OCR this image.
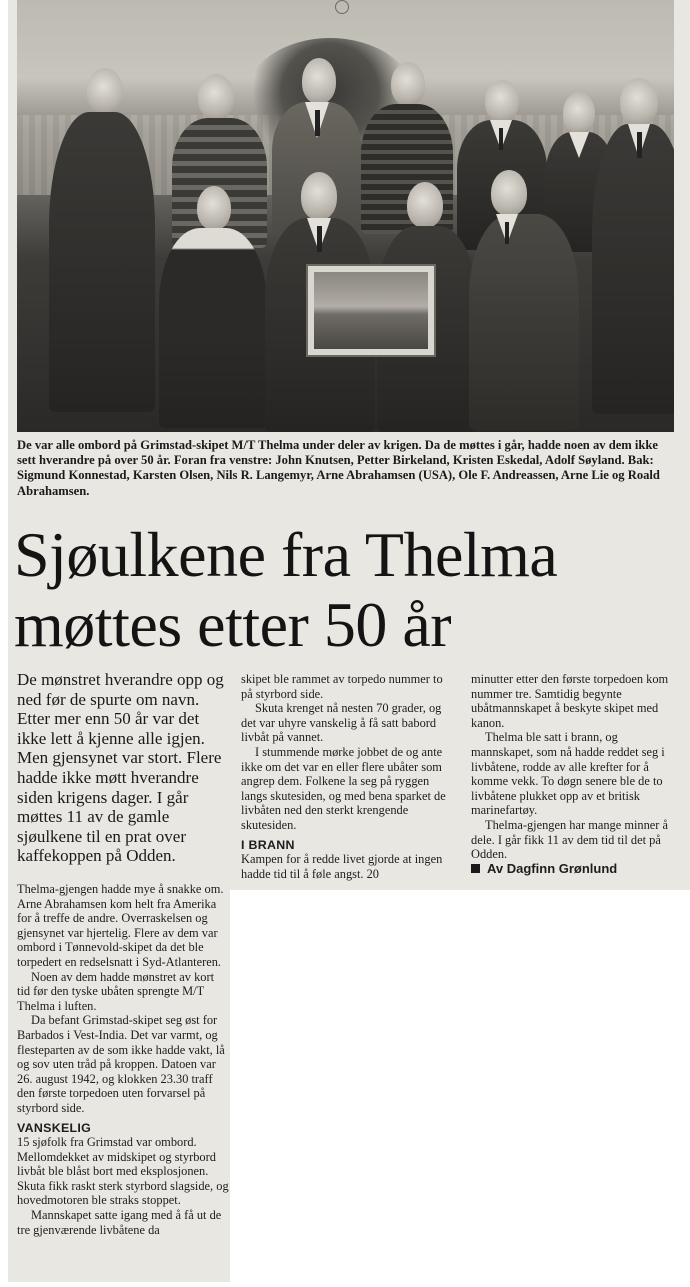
De var alle ombord på Grimstad-skipet M/T Thelma under deler av krigen. Da de møttes i går, hadde noen av dem ikke sett hverandre på over 50 år. Foran fra venstre: John Knutsen, Petter Birkeland, Kristen Eskedal, Adolf Søyland. Bak: Sigmund Konnestad, Karsten Olsen, Nils R. Langemyr, Arne Abrahamsen (USA), Ole F. Andreassen, Arne Lie og Roald Abrahamsen.

Sjøulkene fra Thelma
møttes etter 50 år

De mønstret hverandre opp og ned før de spurte om navn. Etter mer enn 50 år var det ikke lett å kjenne alle igjen. Men gjensynet var stort. Flere hadde ikke møtt hverandre siden krigens dager. I går møttes 11 av de gamle sjøulkene til en prat over kaffekoppen på Odden.

skipet ble rammet av torpedo nummer to på styrbord side.

Skuta krenget nå nesten 70 grader, og det var uhyre vanskelig å få satt babord livbåt på vannet.

I stummende mørke jobbet de og ante ikke om det var en eller flere ubåter som angrep dem. Folkene la seg på ryggen langs skutesiden, og med bena sparket de livbåten ned den sterkt krengende skutesiden.

I BRANN

Kampen for å redde livet gjorde at ingen hadde tid til å føle angst. 20

minutter etter den første torpedoen kom nummer tre. Samtidig begynte ubåtmannskapet å beskyte skipet med kanon.

Thelma ble satt i brann, og mannskapet, som nå hadde reddet seg i livbåtene, rodde av alle krefter for å komme vekk. To døgn senere ble de to livbåtene plukket opp av et britisk marinefartøy.

Thelma-gjengen har mange minner å dele. I går fikk 11 av dem tid til det på Odden.

Av Dagfinn Grønlund

Thelma-gjengen hadde mye å snakke om. Arne Abrahamsen kom helt fra Amerika for å treffe de andre. Overraskelsen og gjensynet var hjertelig. Flere av dem var ombord i Tønnevold-skipet da det ble torpedert en redselsnatt i Syd-Atlanteren.

Noen av dem hadde mønstret av kort tid før den tyske ubåten sprengte M/T Thelma i luften.

Da befant Grimstad-skipet seg øst for Barbados i Vest-India. Det var varmt, og flesteparten av de som ikke hadde vakt, lå og sov uten tråd på kroppen. Datoen var 26. august 1942, og klokken 23.30 traff den første torpedoen uten forvarsel på styrbord side.

VANSKELIG

15 sjøfolk fra Grimstad var ombord. Mellomdekket av midskipet og styrbord livbåt ble blåst bort med eksplosjonen. Skuta fikk raskt sterk styrbord slagside, og hovedmotoren ble straks stoppet.

Mannskapet satte igang med å få ut de tre gjenværende livbåtene da
